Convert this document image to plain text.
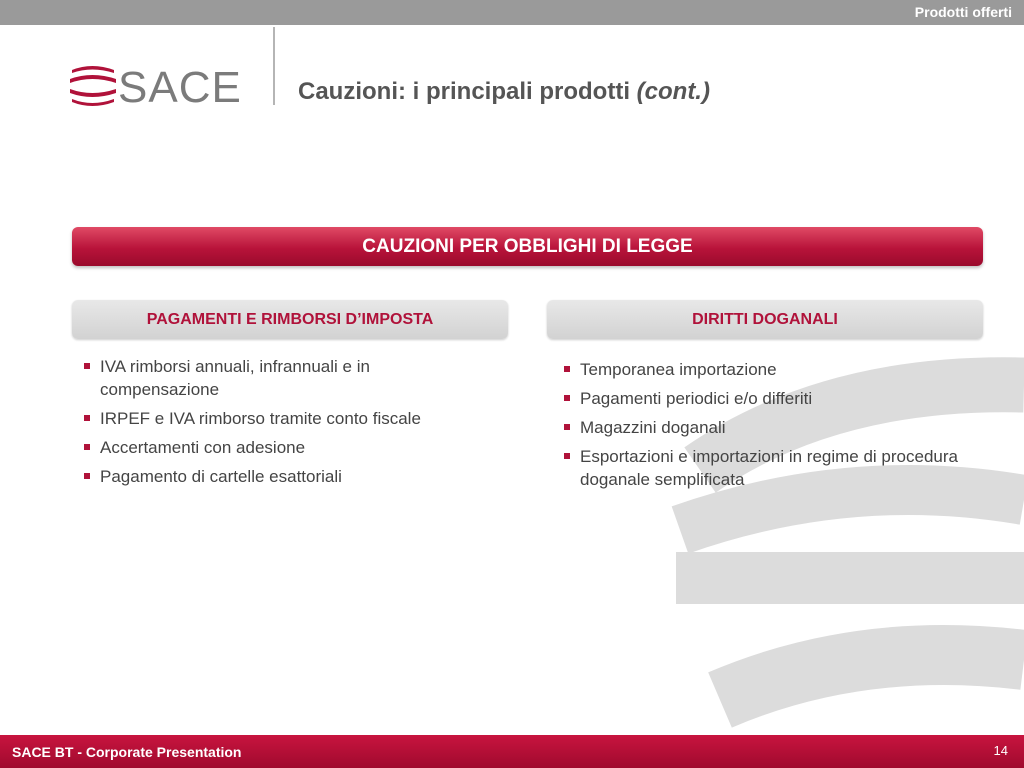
Prodotti offerti
SACE Cauzioni: i principali prodotti (cont.)
CAUZIONI PER OBBLIGHI DI LEGGE
PAGAMENTI E RIMBORSI D’IMPOSTA	DIRITTI DOGANALI
IVA rimborsi annuali, infrannuali e in compensazione
IRPEF e IVA rimborso tramite conto fiscale
Accertamenti con adesione
Pagamento di cartelle esattoriali
Temporanea importazione
Pagamenti periodici e/o differiti
Magazzini doganali
Esportazioni e importazioni in regime di procedura doganale semplificata
SACE BT - Corporate Presentation	14
